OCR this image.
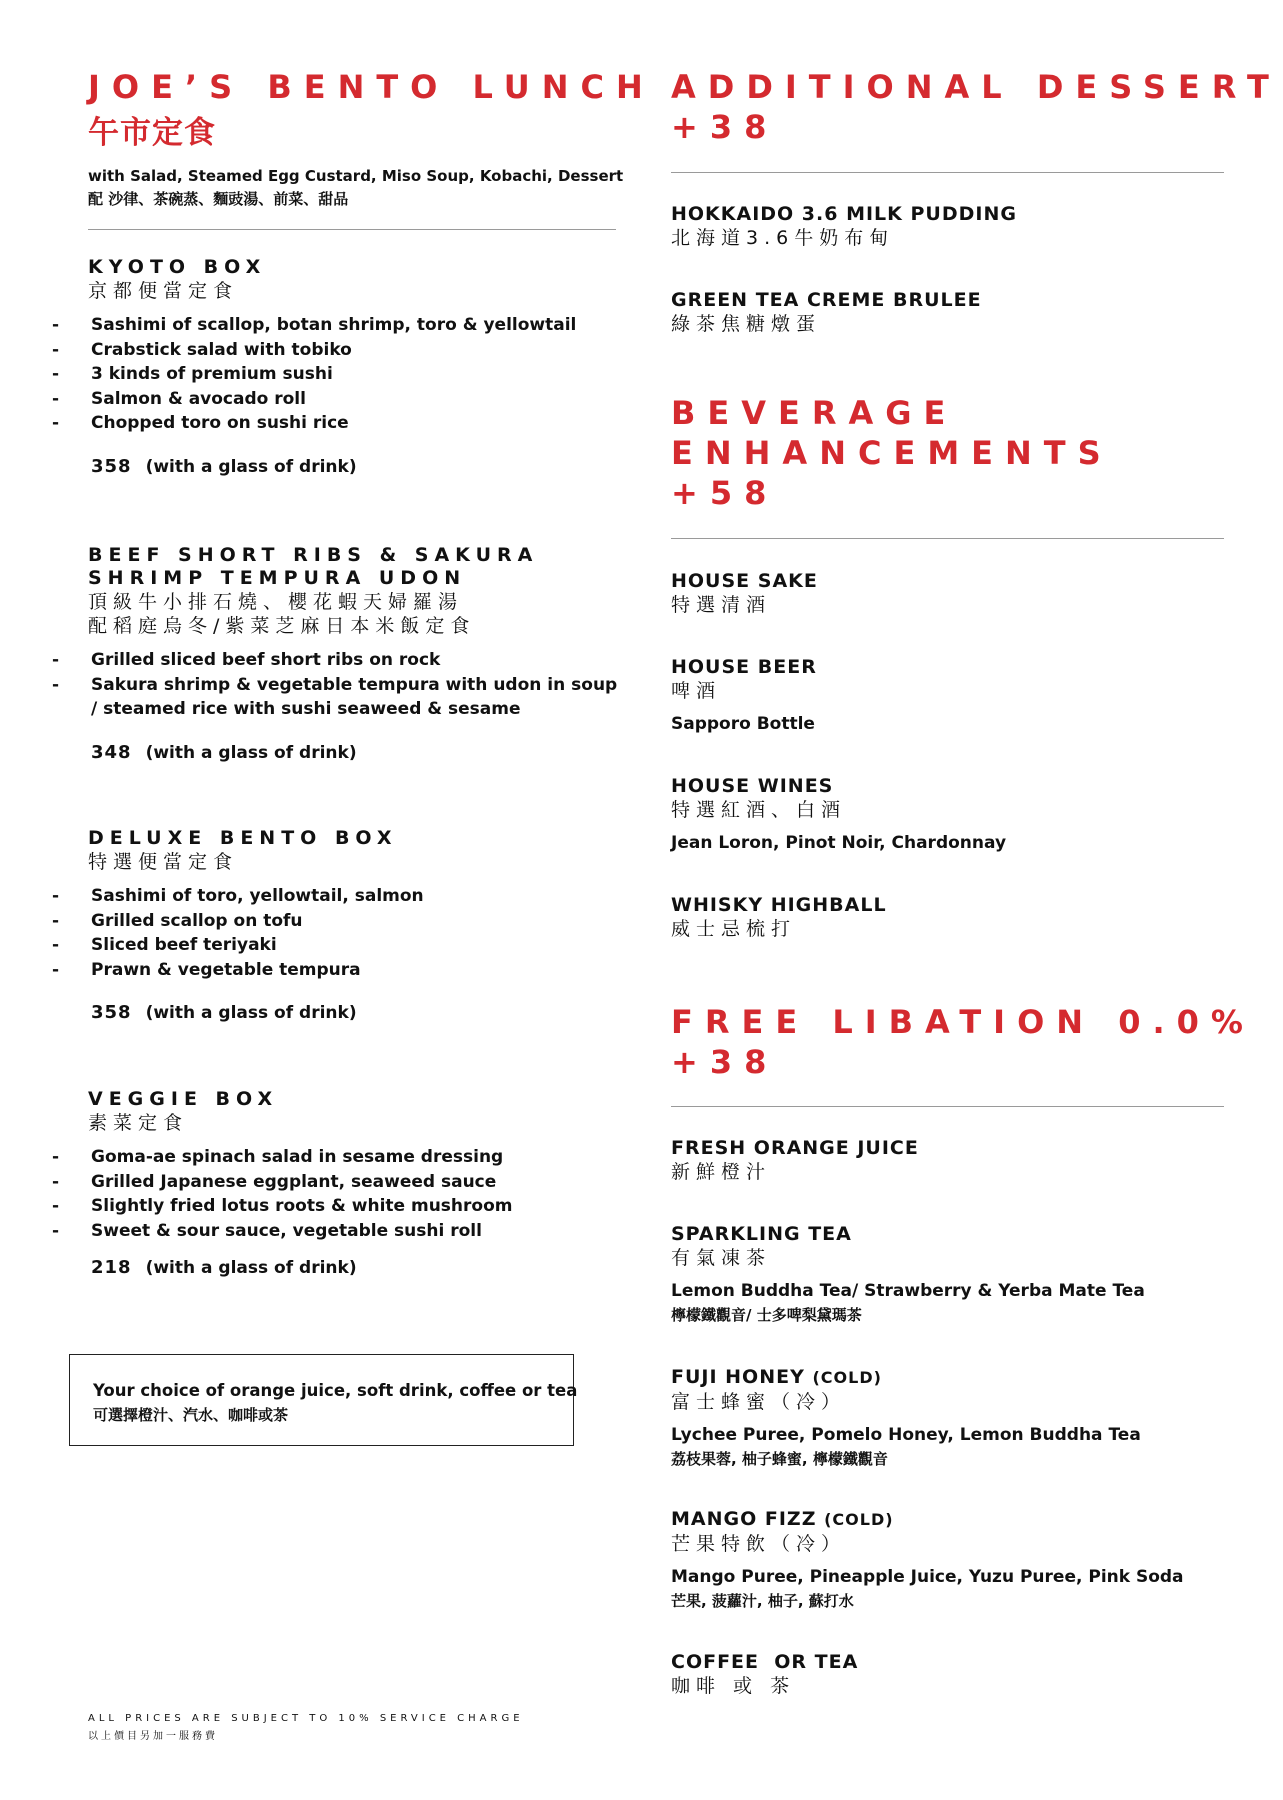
JOE’S BENTO LUNCH
午市定食
with Salad, Steamed Egg Custard, Miso Soup, Kobachi, Dessert
配 沙律、茶碗蒸、麵豉湯、前菜、甜品
KYOTO BOX
京都便當定食
- Sashimi of scallop, botan shrimp, toro & yellowtail
- Crabstick salad with tobiko
- 3 kinds of premium sushi
- Salmon & avocado roll
- Chopped toro on sushi rice
358 (with a glass of drink)
BEEF SHORT RIBS & SAKURA
SHRIMP TEMPURA UDON
頂級牛小排石燒、櫻花蝦天婦羅湯
配稻庭烏冬/紫菜芝麻日本米飯定食
- Grilled sliced beef short ribs on rock
- Sakura shrimp & vegetable tempura with udon in soup
/ steamed rice with sushi seaweed & sesame
348 (with a glass of drink)
DELUXE BENTO BOX
特選便當定食
- Sashimi of toro, yellowtail, salmon
- Grilled scallop on tofu
- Sliced beef teriyaki
- Prawn & vegetable tempura
358 (with a glass of drink)
VEGGIE BOX
素菜定食
- Goma-ae spinach salad in sesame dressing
- Grilled Japanese eggplant, seaweed sauce
- Slightly fried lotus roots & white mushroom
- Sweet & sour sauce, vegetable sushi roll
218 (with a glass of drink)
Your choice of orange juice, soft drink, coffee or tea
可選擇橙汁、汽水、咖啡或茶
ALL PRICES ARE SUBJECT TO 10% SERVICE CHARGE
以上價目另加一服務費
ADDITIONAL DESSERT
+38
HOKKAIDO 3.6 MILK PUDDING
北海道3.6牛奶布甸
GREEN TEA CREME BRULEE
綠茶焦糖燉蛋
BEVERAGE
ENHANCEMENTS
+58
HOUSE SAKE
特選清酒
HOUSE BEER
啤酒
Sapporo Bottle
HOUSE WINES
特選紅酒、白酒
Jean Loron, Pinot Noir, Chardonnay
WHISKY HIGHBALL
威士忌梳打
FREE LIBATION 0.0%
+38
FRESH ORANGE JUICE
新鮮橙汁
SPARKLING TEA
有氣凍茶
Lemon Buddha Tea/ Strawberry & Yerba Mate Tea
檸檬鐵觀音/ 士多啤梨黛瑪茶
FUJI HONEY (COLD)
富士蜂蜜（冷）
Lychee Puree, Pomelo Honey, Lemon Buddha Tea
荔枝果蓉, 柚子蜂蜜, 檸檬鐵觀音
MANGO FIZZ (COLD)
芒果特飲（冷）
Mango Puree, Pineapple Juice, Yuzu Puree, Pink Soda
芒果, 菠蘿汁, 柚子, 蘇打水
COFFEE  OR TEA
咖啡 或 茶
